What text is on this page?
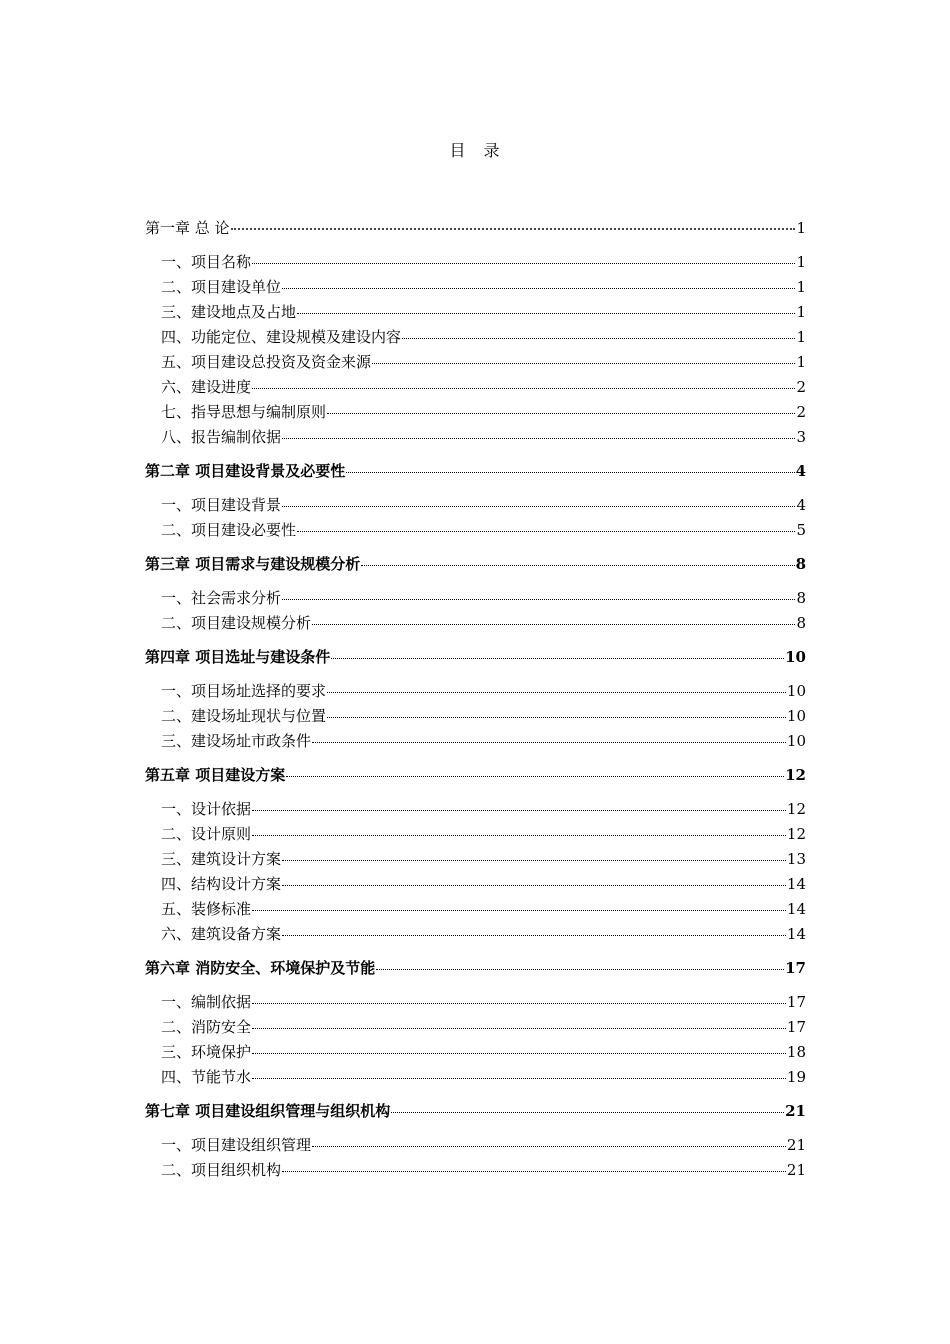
目　录
第一章 总 论	1
一、项目名称	1
二、项目建设单位	1
三、建设地点及占地	1
四、功能定位、建设规模及建设内容	1
五、项目建设总投资及资金来源	1
六、建设进度	2
七、指导思想与编制原则	2
八、报告编制依据	3
第二章 项目建设背景及必要性	4
一、项目建设背景	4
二、项目建设必要性	5
第三章 项目需求与建设规模分析	8
一、社会需求分析	8
二、项目建设规模分析	8
第四章 项目选址与建设条件	10
一、项目场址选择的要求	10
二、建设场址现状与位置	10
三、建设场址市政条件	10
第五章 项目建设方案	12
一、设计依据	12
二、设计原则	12
三、建筑设计方案	13
四、结构设计方案	14
五、装修标准	14
六、建筑设备方案	14
第六章 消防安全、环境保护及节能	17
一、编制依据	17
二、消防安全	17
三、环境保护	18
四、节能节水	19
第七章 项目建设组织管理与组织机构	21
一、项目建设组织管理	21
二、项目组织机构	21
